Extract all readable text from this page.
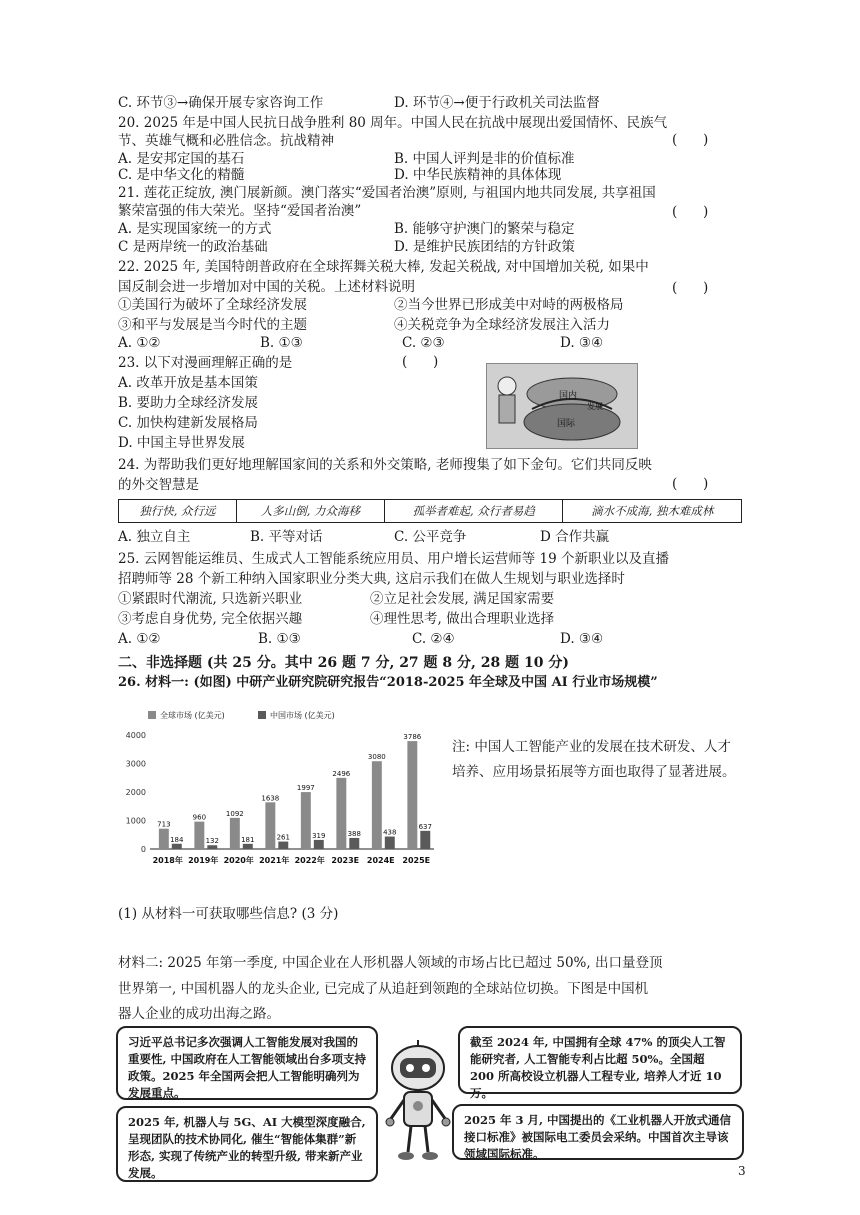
C. 环节③→确保开展专家咨询工作	D. 环节④→便于行政机关司法监督
20. 2025 年是中国人民抗日战争胜利 80 周年。中国人民在抗战中展现出爱国情怀、民族气
节、英雄气概和必胜信念。抗战精神	(      )
A. 是安邦定国的基石	B. 中国人评判是非的价值标准
C. 是中华文化的精髓	D. 中华民族精神的具体体现
21. 莲花正绽放, 澳门展新颜。澳门落实“爱国者治澳”原则, 与祖国内地共同发展, 共享祖国
繁荣富强的伟大荣光。坚持“爱国者治澳”	(      )
A. 是实现国家统一的方式	B. 能够守护澳门的繁荣与稳定
C 是两岸统一的政治基础	D. 是维护民族团结的方针政策
22. 2025 年, 美国特朗普政府在全球挥舞关税大棒, 发起关税战, 对中国增加关税, 如果中
国反制会进一步增加对中国的关税。上述材料说明	(      )
①美国行为破坏了全球经济发展	②当今世界已形成美中对峙的两极格局
③和平与发展是当今时代的主题	④关税竞争为全球经济发展注入活力
A. ①②	B. ①③	C. ②③	D. ③④
23. 以下对漫画理解正确的是	(      )
A. 改革开放是基本国策
B. 要助力全球经济发展
C. 加快构建新发展格局
D. 中国主导世界发展
国内
发展
国际
24. 为帮助我们更好地理解国家间的关系和外交策略, 老师搜集了如下金句。它们共同反映
的外交智慧是	(      )
独行快, 众行远	人多山倒, 力众海移	孤举者难起, 众行者易趋	滴水不成海, 独木难成林
A. 独立自主	B. 平等对话	C. 公平竞争	D 合作共赢
25. 云网智能运维员、生成式人工智能系统应用员、用户增长运营师等 19 个新职业以及直播
招聘师等 28 个新工种纳入国家职业分类大典, 这启示我们在做人生规划与职业选择时
①紧跟时代潮流, 只选新兴职业	②立足社会发展, 满足国家需要
③考虑自身优势, 完全依据兴趣	④理性思考, 做出合理职业选择
A. ①②	B. ①③	C. ②④	D. ③④
二、非选择题 (共 25 分。其中 26 题 7 分, 27 题 8 分, 28 题 10 分)
26. 材料一: (如图) 中研产业研究院研究报告“2018-2025 年全球及中国 AI 行业市场规模”
0
1000
2000
3000
4000
全球市场 (亿美元)	中国市场 (亿美元)
713
184
2018年
960
132
2019年
1092
181
2020年
1638
261
2021年
1997
319
2022年
2496
388
2023E
3080
438
2024E
3786
637
2025E
注: 中国人工智能产业的发展在技术研发、人才培养、应用场景拓展等方面也取得了显著进展。
(1) 从材料一可获取哪些信息? (3 分)
材料二: 2025 年第一季度, 中国企业在人形机器人领域的市场占比已超过 50%, 出口量登顶
世界第一, 中国机器人的龙头企业, 已完成了从追赶到领跑的全球站位切换。下图是中国机
器人企业的成功出海之路。
习近平总书记多次强调人工智能发展对我国的重要性, 中国政府在人工智能领域出台多项支持政策。2025 年全国两会把人工智能明确列为发展重点。
截至 2024 年, 中国拥有全球 47% 的顶尖人工智能研究者, 人工智能专利占比超 50%。全国超 200 所高校设立机器人工程专业, 培养人才近 10 万。
2025 年, 机器人与 5G、AI 大模型深度融合, 呈现团队的技术协同化, 催生“智能体集群”新形态, 实现了传统产业的转型升级, 带来新产业发展。
2025 年 3 月, 中国提出的《工业机器人开放式通信接口标准》被国际电工委员会采纳。中国首次主导该领域国际标准。
3
